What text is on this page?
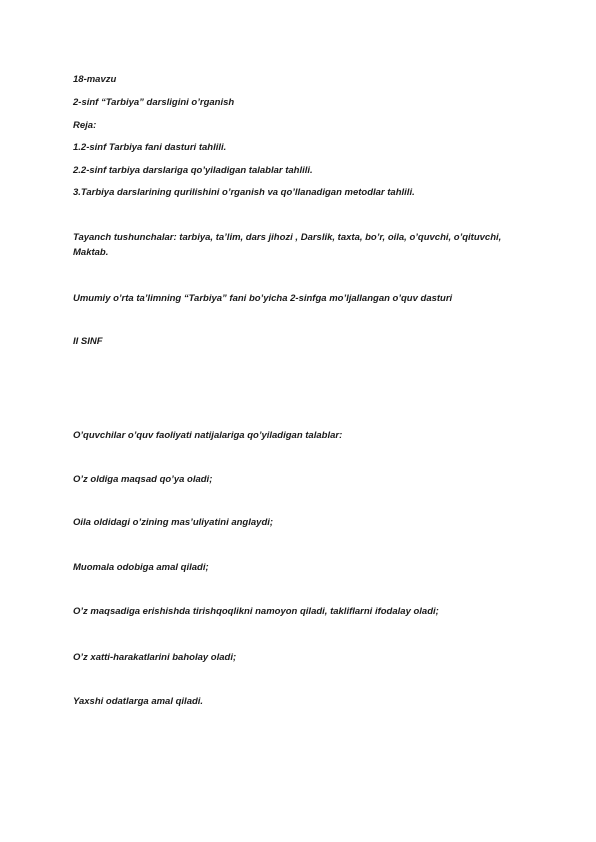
18-mavzu

2-sinf “Tarbiya” darsligini o’rganish

Reja:

1.2-sinf Tarbiya fani dasturi tahlili.

2.2-sinf tarbiya darslariga qo’yiladigan talablar tahlili.

3.Tarbiya darslarining qurilishini o’rganish va qo’llanadigan metodlar tahlili.

Tayanch tushunchalar: tarbiya, ta’lim, dars jihozi , Darslik, taxta, bo’r, oila, o’quvchi, o’qituvchi, Maktab.

Umumiy o’rta ta’limning “Tarbiya” fani bo’yicha 2-sinfga mo’ljallangan o’quv dasturi

II SINF

O’quvchilar o’quv faoliyati natijalariga qo’yiladigan talablar:

O’z oldiga maqsad qo’ya oladi;

Oila oldidagi o’zining mas’uliyatini anglaydi;

Muomala odobiga amal qiladi;

O’z maqsadiga erishishda tirishqoqlikni namoyon qiladi, takliflarni ifodalay oladi;

O’z xatti-harakatlarini baholay oladi;

Yaxshi odatlarga amal qiladi.
